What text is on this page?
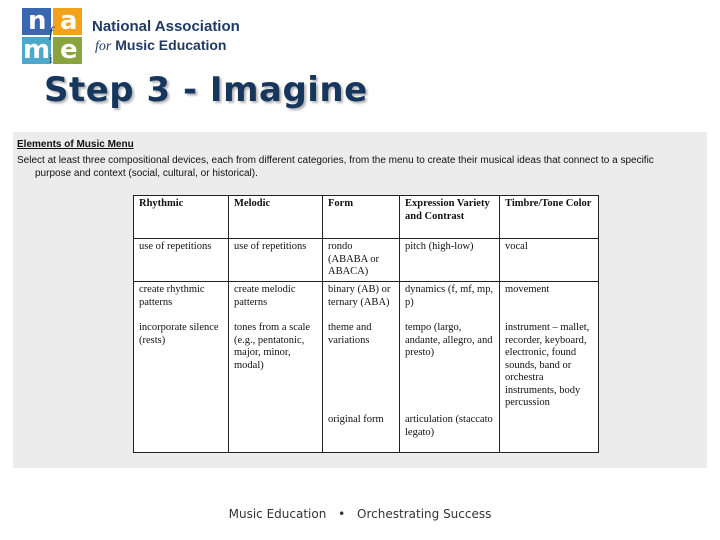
n a
m e
f
i
National Association
for Music Education
Step 3 - Imagine
Elements of Music Menu
Select at least three compositional devices, each from different categories, from the menu to create their musical ideas that connect to a specific
purpose and context (social, cultural, or historical).
Rhythmic	Melodic	Form	Expression Variety and Contrast	Timbre/Tone Color
use of repetitions	use of repetitions	rondo (ABABA or ABACA)	pitch (high-low)	vocal
create rhythmic patterns	create melodic patterns	binary (AB) or ternary (ABA)	dynamics (f, mf, mp, p)	movement
incorporate silence (rests)	tones from a scale (e.g., pentatonic, major, minor, modal)	theme and variations	tempo (largo, andante, allegro, and presto)	instrument – mallet, recorder, keyboard, electronic, found sounds, band or orchestra instruments, body percussion
		original form	articulation (staccato legato)	
Music Education • Orchestrating Success
